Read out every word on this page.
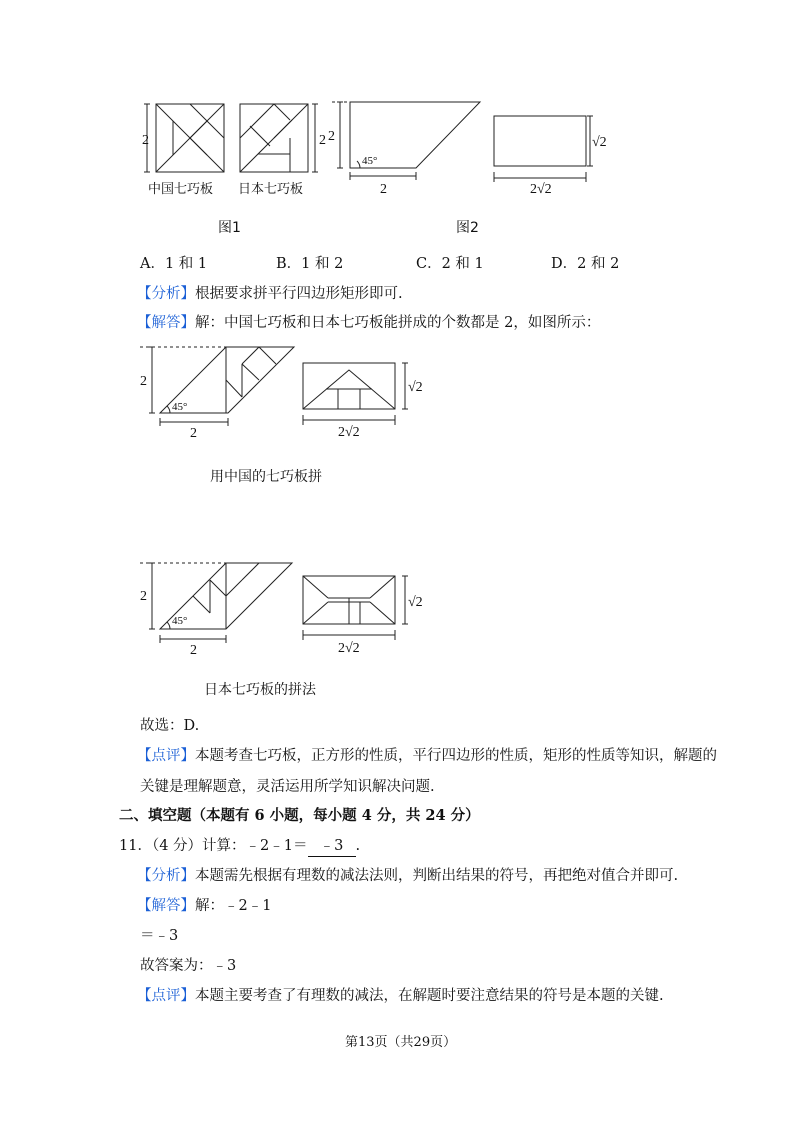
2	2
中国七巧板 日本七巧板
图1
2
45°
2
√2
2√2
图2
A．1 和 1	B．1 和 2	C．2 和 1	D．2 和 2
【分析】根据要求拼平行四边形矩形即可.
【解答】解：中国七巧板和日本七巧板能拼成的个数都是 2，如图所示：
2
45°
2
√2
2√2
用中国的七巧板拼
2
45°
2
√2
2√2
日本七巧板的拼法
故选：D.
【点评】本题考查七巧板，正方形的性质，平行四边形的性质，矩形的性质等知识，解题的
关键是理解题意，灵活运用所学知识解决问题.
二、填空题（本题有 6 小题，每小题 4 分，共 24 分）
11．（4 分）计算：﹣2﹣1＝ ﹣3 .
【分析】本题需先根据有理数的减法法则，判断出结果的符号，再把绝对值合并即可.
【解答】解：﹣2﹣1
＝﹣3
故答案为：﹣3
【点评】本题主要考查了有理数的减法，在解题时要注意结果的符号是本题的关键.
第13页（共29页）
